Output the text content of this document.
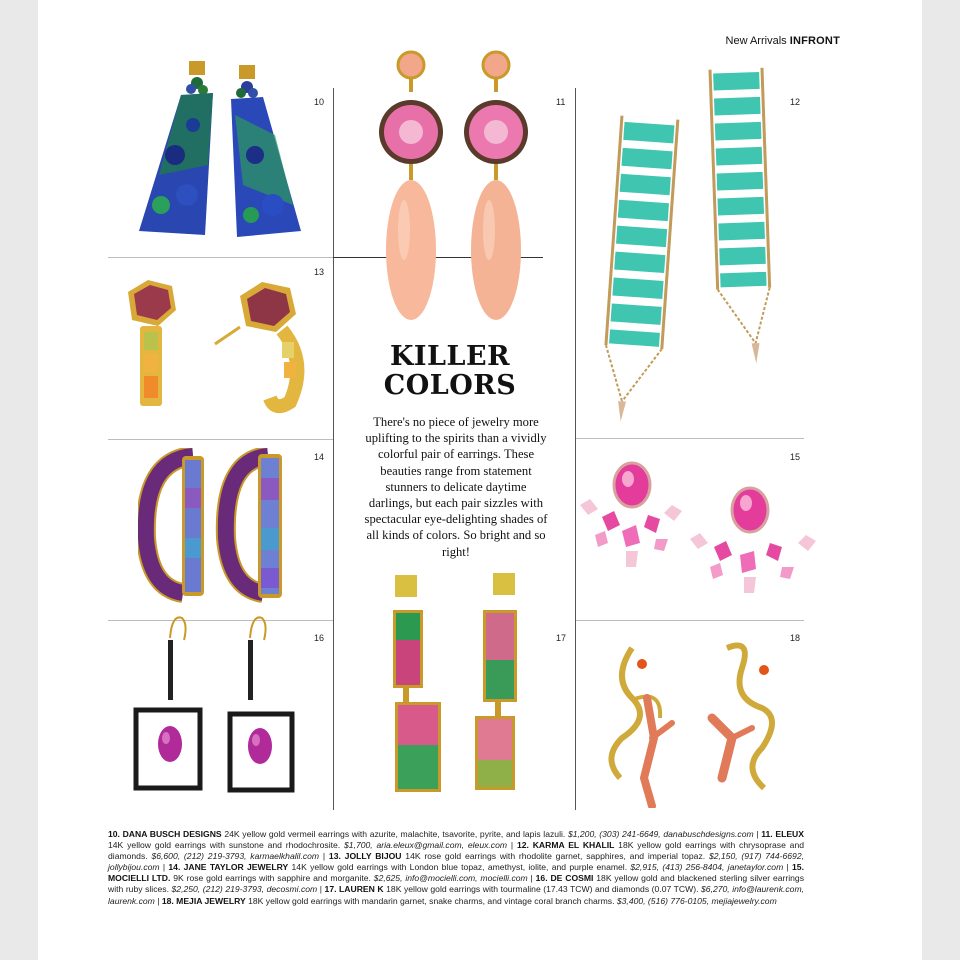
New Arrivals INFRONT
10	11	12
13
14	15
16	17	18
KILLER
COLORS
There's no piece of jewelry more uplifting to the spirits than a vividly colorful pair of earrings. These beauties range from statement stunners to delicate daytime darlings, but each pair sizzles with spectacular eye-delighting shades of all kinds of colors. So bright and so right!
10. DANA BUSCH DESIGNS 24K yellow gold vermeil earrings with azurite, malachite, tsavorite, pyrite, and lapis lazuli. $1,200, (303) 241-6649, danabuschdesigns.com | 11. ELEUX 14K yellow gold earrings with sunstone and rhodochrosite. $1,700, aria.eleux@gmail.com, eleux.com | 12. KARMA EL KHALIL 18K yellow gold earrings with chrysoprase and diamonds. $6,600, (212) 219-3793, karmaelkhalil.com | 13. JOLLY BIJOU 14K rose gold earrings with rhodolite garnet, sapphires, and imperial topaz. $2,150, (917) 744-6692, jollybijou.com | 14. JANE TAYLOR JEWELRY 14K yellow gold earrings with London blue topaz, amethyst, iolite, and purple enamel. $2,915, (413) 256-8404, janetaylor.com | 15. MOCIELLI LTD. 9K rose gold earrings with sapphire and morganite. $2,625, info@mocielli.com, mocielli.com | 16. DE COSMI 18K yellow gold and blackened sterling silver earrings with ruby slices. $2,250, (212) 219-3793, decosmi.com | 17. LAUREN K 18K yellow gold earrings with tourmaline (17.43 TCW) and diamonds (0.07 TCW). $6,270, info@laurenk.com, laurenk.com | 18. MEJIA JEWELRY 18K yellow gold earrings with mandarin garnet, snake charms, and vintage coral branch charms. $3,400, (516) 776-0105, mejiajewelry.com
